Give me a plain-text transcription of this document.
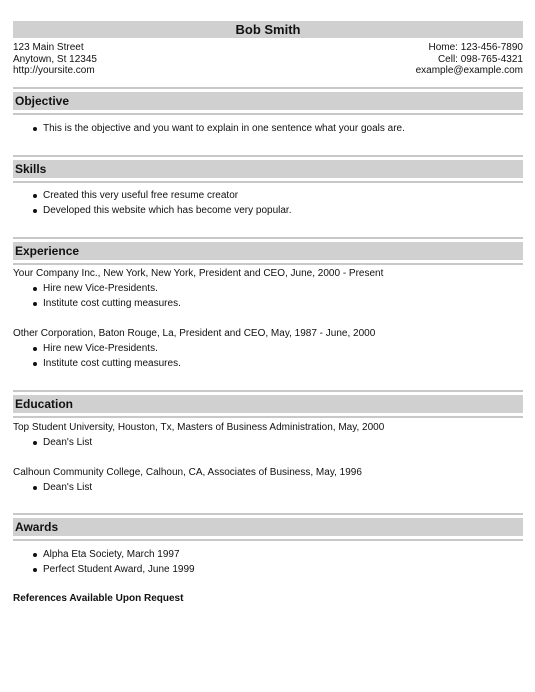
Bob Smith
123 Main Street
Anytown, St 12345
http://yoursite.com
Home: 123-456-7890
Cell: 098-765-4321
example@example.com
Objective
This is the objective and you want to explain in one sentence what your goals are.
Skills
Created this very useful free resume creator
Developed this website which has become very popular.
Experience
Your Company Inc., New York, New York, President and CEO, June, 2000 - Present
Hire new Vice-Presidents.
Institute cost cutting measures.
Other Corporation, Baton Rouge, La, President and CEO, May, 1987 - June, 2000
Hire new Vice-Presidents.
Institute cost cutting measures.
Education
Top Student University, Houston, Tx, Masters of Business Administration, May, 2000
Dean's List
Calhoun Community College, Calhoun, CA, Associates of Business, May, 1996
Dean's List
Awards
Alpha Eta Society, March 1997
Perfect Student Award, June 1999
References Available Upon Request
